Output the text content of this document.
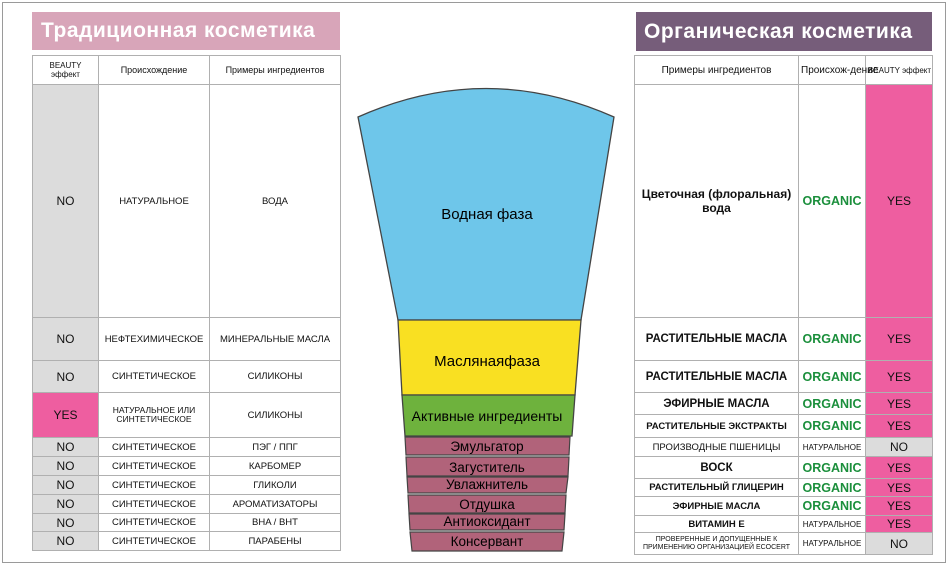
Традиционная косметика	Органическая косметика
BEAUTY эффект	Происхождение	Примеры ингредиентов
NO	НАТУРАЛЬНОЕ	ВОДА
NO	НЕФТЕХИМИЧЕСКОЕ	МИНЕРАЛЬНЫЕ МАСЛА
NO	СИНТЕТИЧЕСКОЕ	СИЛИКОНЫ
YES	НАТУРАЛЬНОЕ ИЛИ СИНТЕТИЧЕСКОЕ	СИЛИКОНЫ
NO	СИНТЕТИЧЕСКОЕ	ПЭГ / ППГ
NO	СИНТЕТИЧЕСКОЕ	КАРБОМЕР
NO	СИНТЕТИЧЕСКОЕ	ГЛИКОЛИ
NO	СИНТЕТИЧЕСКОЕ	АРОМАТИЗАТОРЫ
NO	СИНТЕТИЧЕСКОЕ	BHA / BHT
NO	СИНТЕТИЧЕСКОЕ	ПАРАБЕНЫ
Примеры ингредиентов	Происхож-дение	BEAUTY эффект
Цветочная (флоральная) вода	ORGANIC	YES
РАСТИТЕЛЬНЫЕ МАСЛА	ORGANIC	YES
РАСТИТЕЛЬНЫЕ МАСЛА	ORGANIC	YES
ЭФИРНЫЕ МАСЛА	ORGANIC	YES
РАСТИТЕЛЬНЫЕ ЭКСТРАКТЫ	ORGANIC	YES
ПРОИЗВОДНЫЕ ПШЕНИЦЫ	НАТУРАЛЬНОЕ	NO
ВОСК	ORGANIC	YES
РАСТИТЕЛЬНЫЙ ГЛИЦЕРИН	ORGANIC	YES
ЭФИРНЫЕ МАСЛА	ORGANIC	YES
ВИТАМИН Е	НАТУРАЛЬНОЕ	YES
ПРОВЕРЕННЫЕ И ДОПУЩЕННЫЕ К ПРИМЕНЕНИЮ ОРГАНИЗАЦИЕЙ ECOCERT	НАТУРАЛЬНОЕ	NO
Водная фаза
Маслянаяфаза
Активные ингредиенты
Эмульгатор
Загуститель
Увлажнитель
Отдушка
Антиоксидант
Консервант
